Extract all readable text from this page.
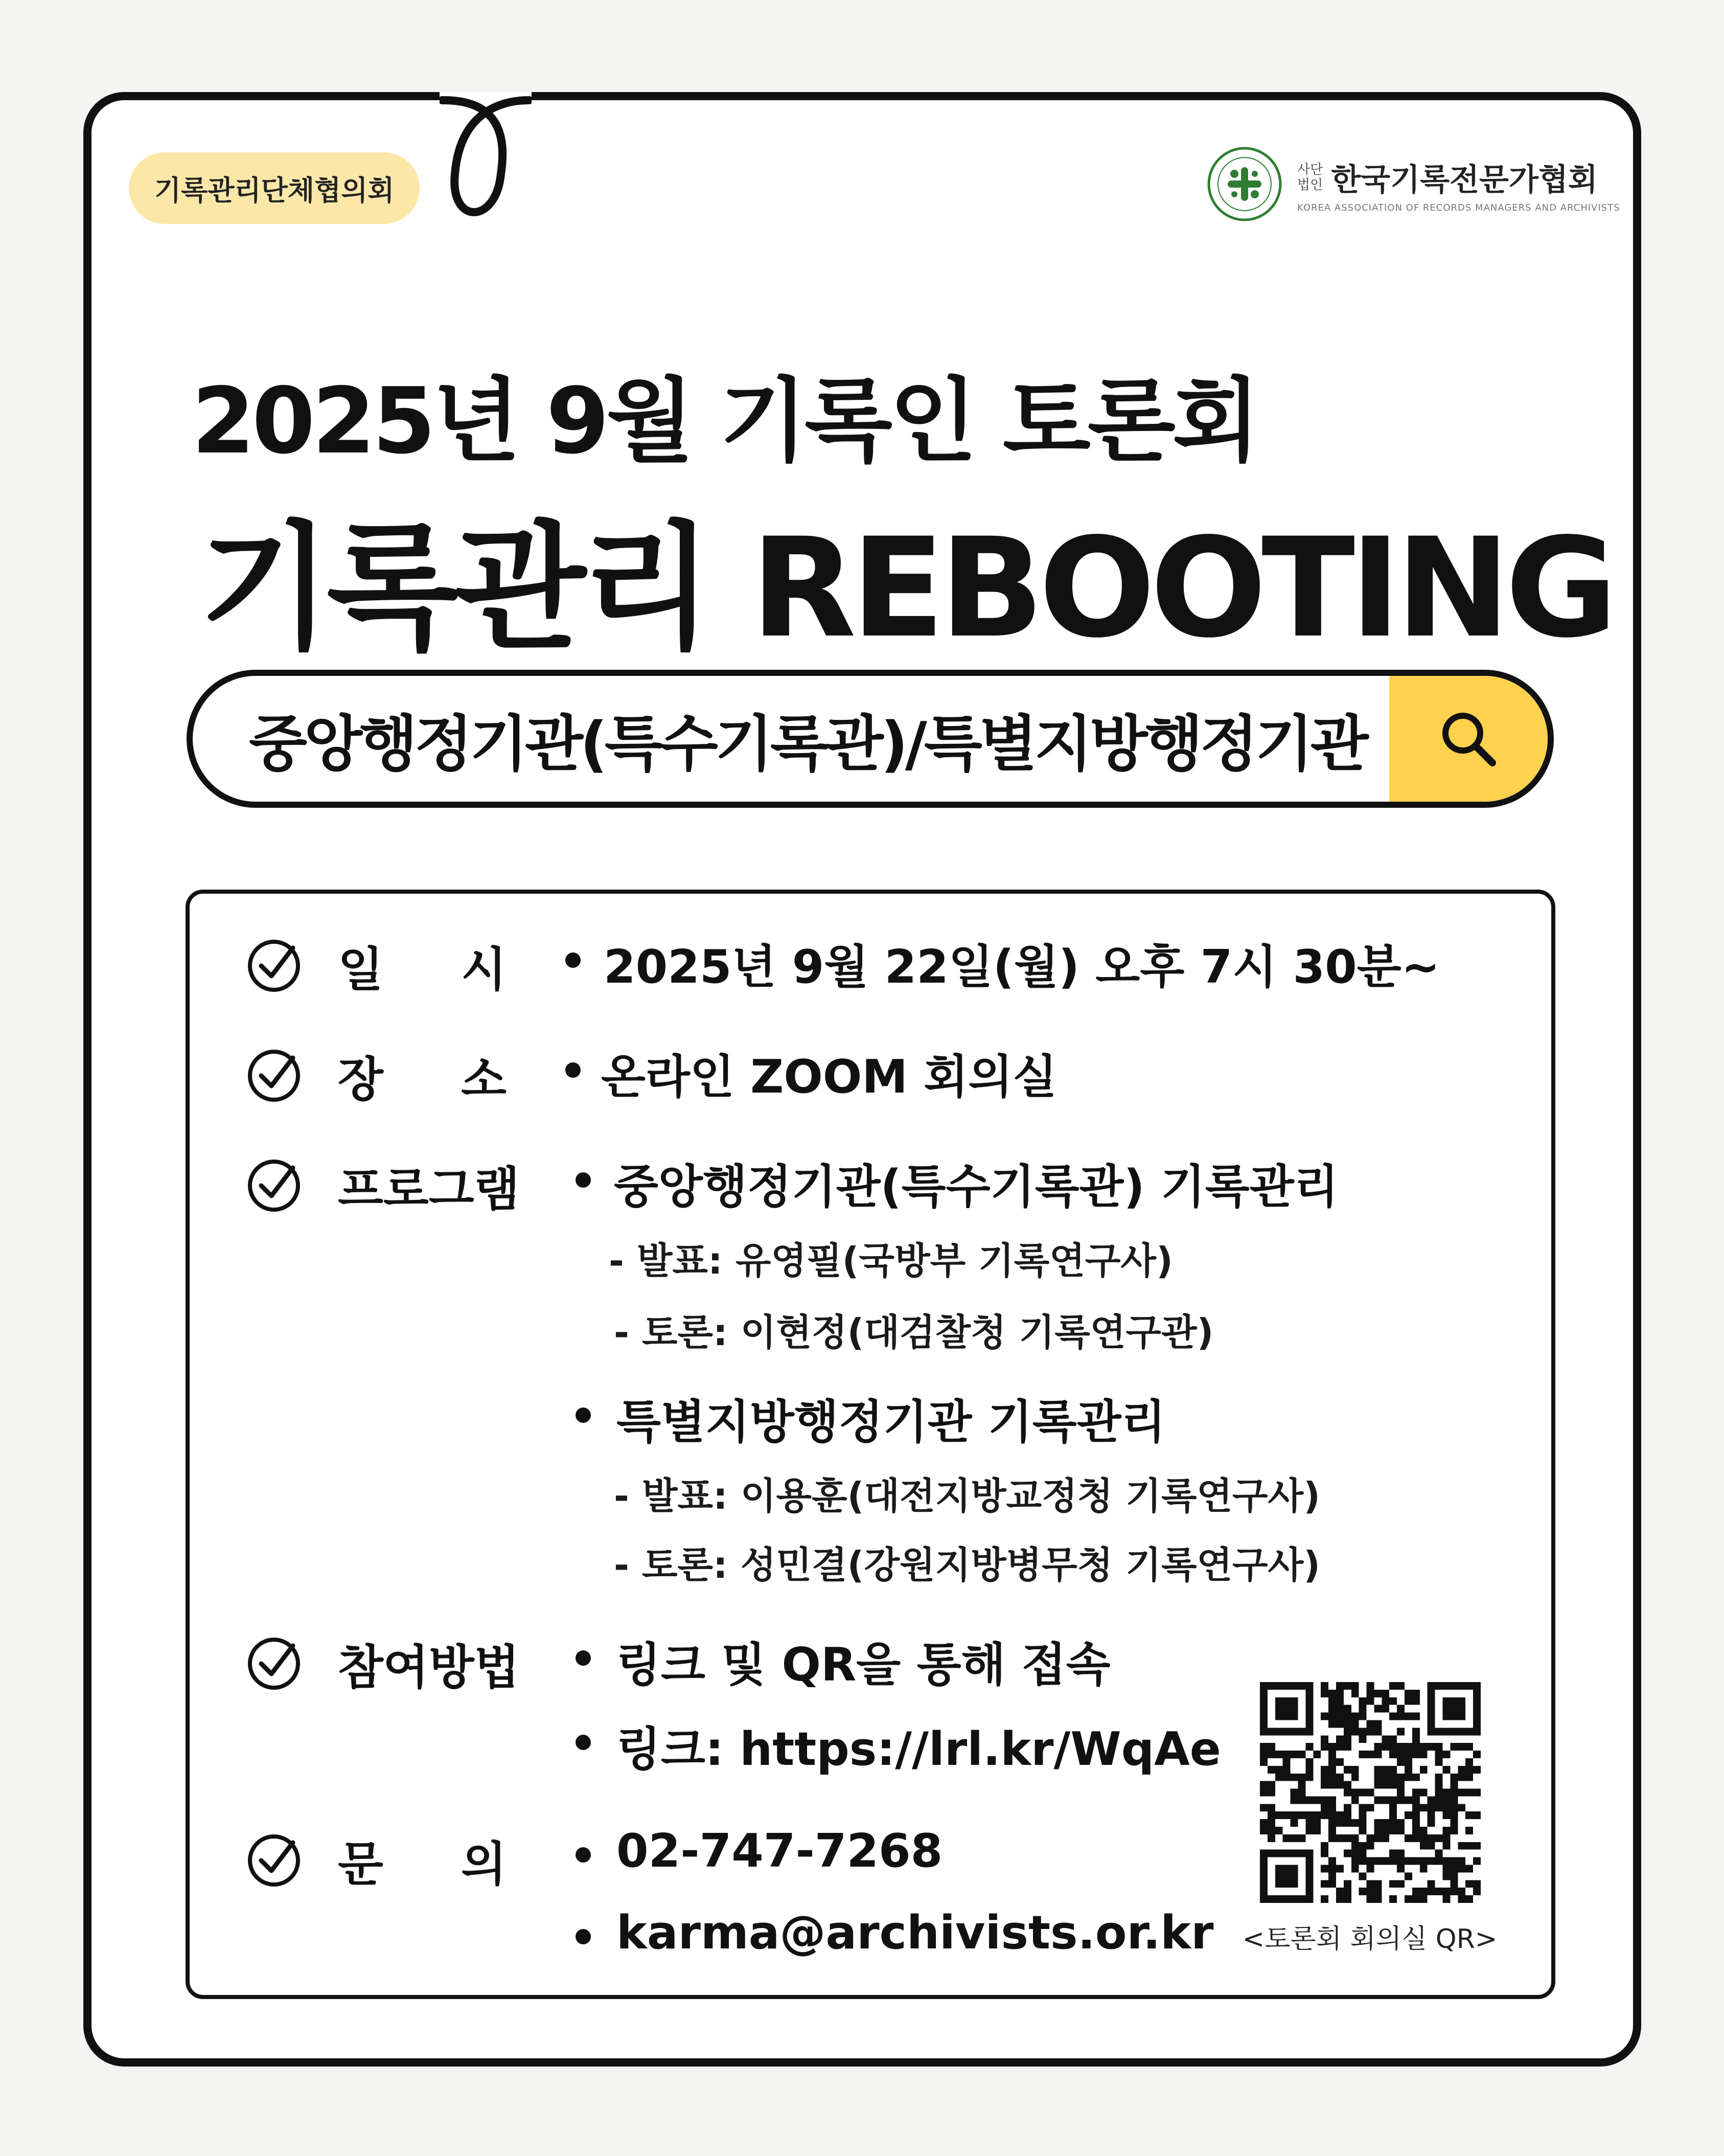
기록관리단체협의회
사단
법인 한국기록전문가협회
KOREA ASSOCIATION OF RECORDS MANAGERS AND ARCHIVISTS
2025년 9월 기록인 토론회
기록관리 REBOOTING
중앙행정기관(특수기록관)/특별지방행정기관
일 시 2025년 9월 22일(월) 오후 7시 30분~
장 소 온라인 ZOOM 회의실
프로그램 중앙행정기관(특수기록관) 기록관리
- 발표: 유영필(국방부 기록연구사)
- 토론: 이현정(대검찰청 기록연구관)
특별지방행정기관 기록관리
- 발표: 이용훈(대전지방교정청 기록연구사)
- 토론: 성민결(강원지방병무청 기록연구사)
참여방법 링크 및 QR을 통해 접속
링크: https://lrl.kr/WqAe
문 의 02-747-7268
karma@archivists.or.kr <토론회 회의실 QR>
